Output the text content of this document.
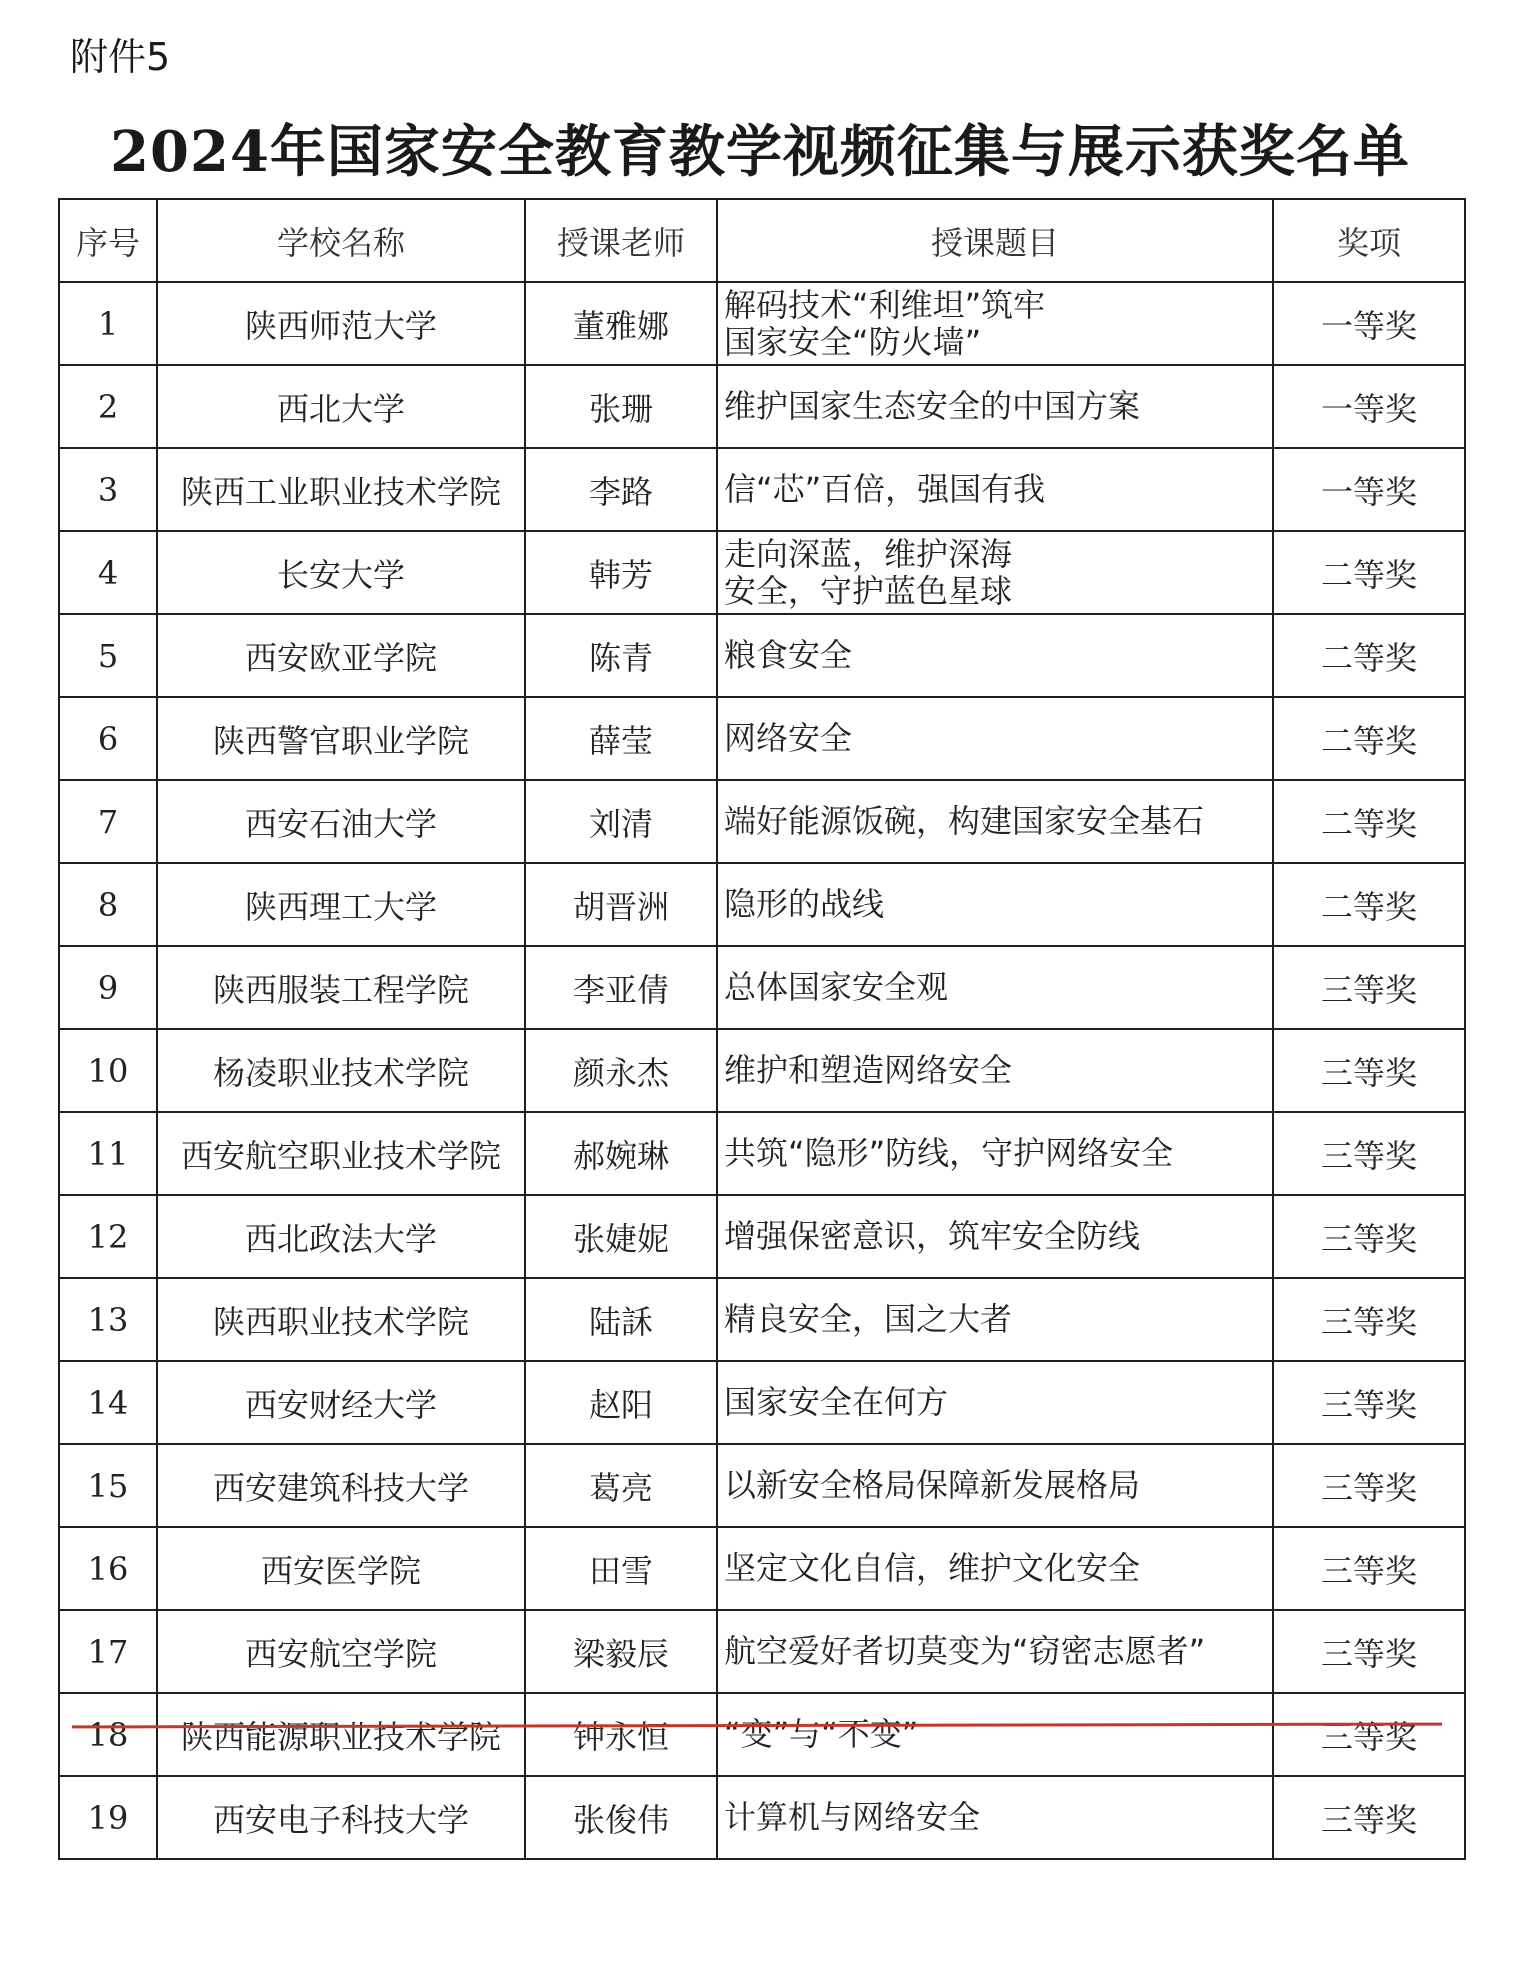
附件5
2024年国家安全教育教学视频征集与展示获奖名单
序号	学校名称	授课老师	授课题目	奖项
1	陕西师范大学	董雅娜	解码技术“利维坦”筑牢
国家安全“防火墙”	一等奖
2	西北大学	张珊	维护国家生态安全的中国方案	一等奖
3	陕西工业职业技术学院	李路	信“芯”百倍，强国有我	一等奖
4	长安大学	韩芳	走向深蓝，维护深海
安全，守护蓝色星球	二等奖
5	西安欧亚学院	陈青	粮食安全	二等奖
6	陕西警官职业学院	薛莹	网络安全	二等奖
7	西安石油大学	刘清	端好能源饭碗，构建国家安全基石	二等奖
8	陕西理工大学	胡晋洲	隐形的战线	二等奖
9	陕西服装工程学院	李亚倩	总体国家安全观	三等奖
10	杨凌职业技术学院	颜永杰	维护和塑造网络安全	三等奖
11	西安航空职业技术学院	郝婉琳	共筑“隐形”防线，守护网络安全	三等奖
12	西北政法大学	张婕妮	增强保密意识，筑牢安全防线	三等奖
13	陕西职业技术学院	陆訸	精良安全，国之大者	三等奖
14	西安财经大学	赵阳	国家安全在何方	三等奖
15	西安建筑科技大学	葛亮	以新安全格局保障新发展格局	三等奖
16	西安医学院	田雪	坚定文化自信，维护文化安全	三等奖
17	西安航空学院	梁毅辰	航空爱好者切莫变为“窃密志愿者”	三等奖
18	陕西能源职业技术学院	钟永恒	“变”与“不变”	三等奖
19	西安电子科技大学	张俊伟	计算机与网络安全	三等奖
